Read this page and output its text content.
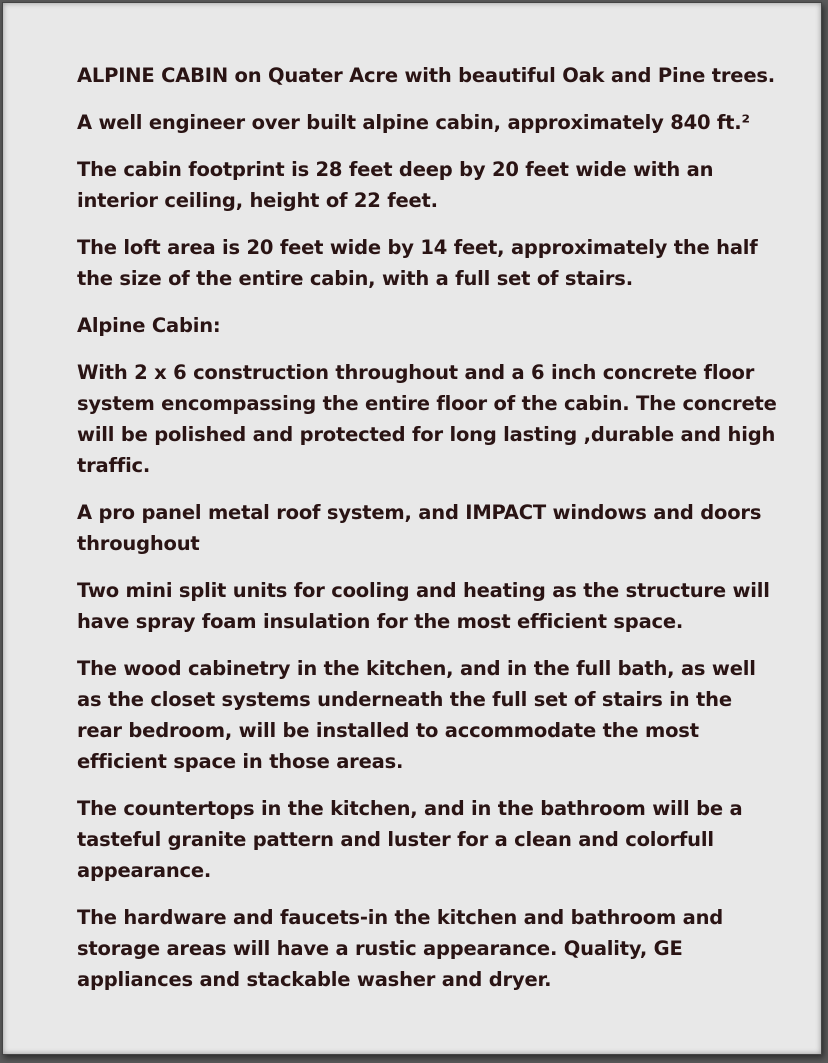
ALPINE CABIN on Quater Acre with beautiful Oak and Pine trees.

A well engineer over built alpine cabin, approximately 840 ft.²

The cabin footprint is 28 feet deep by 20 feet wide with an interior ceiling, height of 22 feet.

The loft area is 20 feet wide by 14 feet, approximately the half the size of the entire cabin, with a full set of stairs.

Alpine Cabin:

With 2 x 6 construction throughout and a 6 inch concrete floor system encompassing the entire floor of the cabin. The concrete will be polished and protected for long lasting ,durable and high traffic.

A pro panel metal roof system, and IMPACT windows and doors throughout

Two mini split units for cooling and heating as the structure will have spray foam insulation for the most efficient space.

The wood cabinetry in the kitchen, and in the full bath, as well as the closet systems underneath the full set of stairs in the rear bedroom, will be installed to accommodate the most efficient space in those areas.

The countertops in the kitchen, and in the bathroom will be a tasteful granite pattern and luster for a clean and colorfull appearance.

The hardware and faucets-in the kitchen and bathroom and storage areas will have a rustic appearance. Quality, GE appliances and stackable washer and dryer.
